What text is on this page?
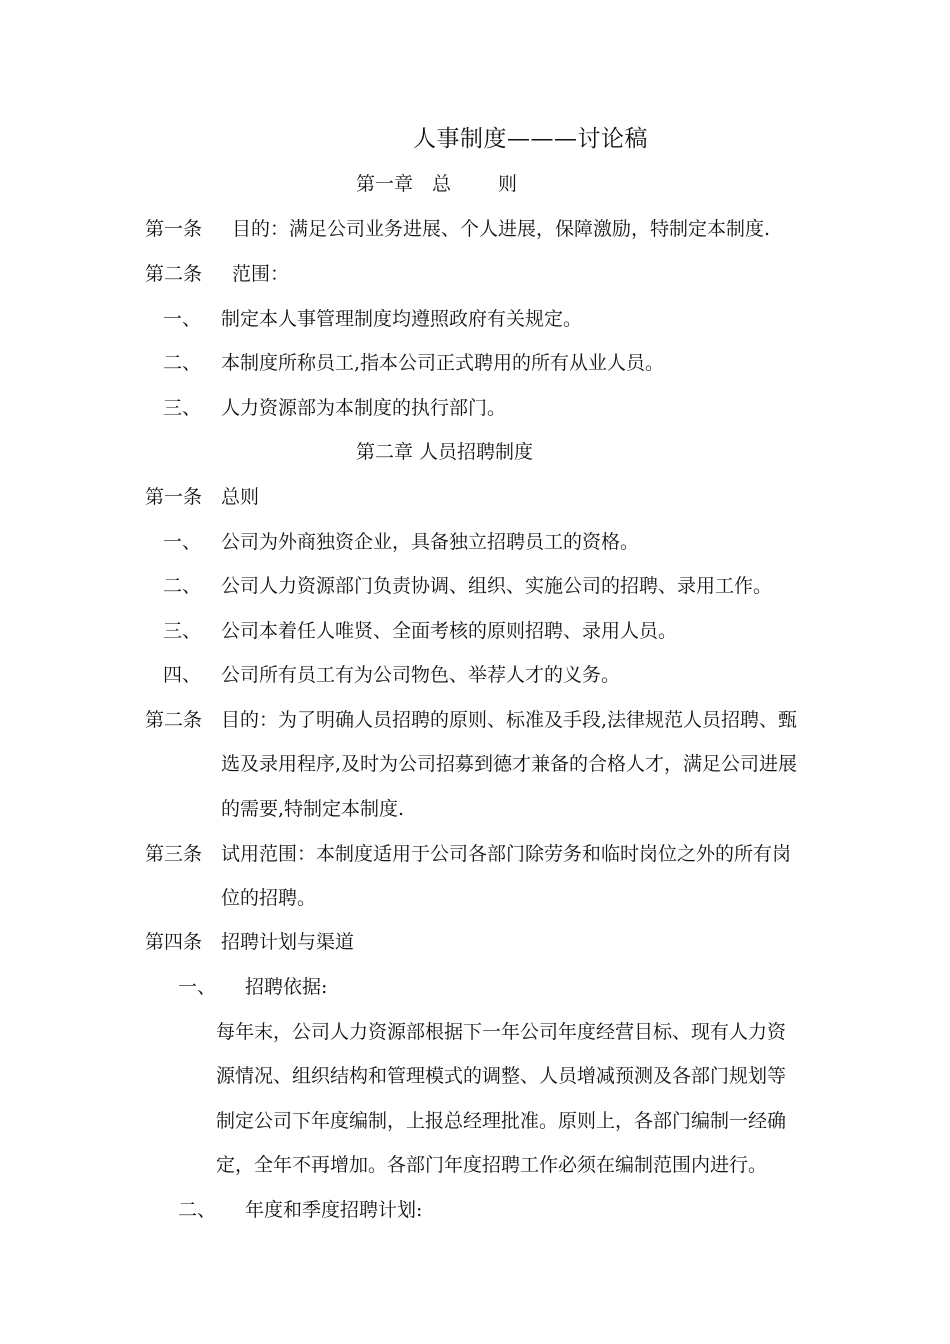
人事制度———讨论稿
第一章 总 则
第一条 目的：满足公司业务进展、个人进展，保障激励，特制定本制度.
第二条 范围：
一、 制定本人事管理制度均遵照政府有关规定。
二、 本制度所称员工,指本公司正式聘用的所有从业人员。
三、 人力资源部为本制度的执行部门。
第二章 人员招聘制度
第一条 总则
一、 公司为外商独资企业，具备独立招聘员工的资格。
二、 公司人力资源部门负责协调、组织、实施公司的招聘、录用工作。
三、 公司本着任人唯贤、全面考核的原则招聘、录用人员。
四、 公司所有员工有为公司物色、举荐人才的义务。
第二条 目的：为了明确人员招聘的原则、标准及手段,法律规范人员招聘、甄
选及录用程序,及时为公司招募到德才兼备的合格人才，满足公司进展
的需要,特制定本制度.
第三条 试用范围：本制度适用于公司各部门除劳务和临时岗位之外的所有岗
位的招聘。
第四条 招聘计划与渠道
一、 招聘依据:
每年末，公司人力资源部根据下一年公司年度经营目标、现有人力资
源情况、组织结构和管理模式的调整、人员增减预测及各部门规划等
制定公司下年度编制，上报总经理批准。原则上，各部门编制一经确
定，全年不再增加。各部门年度招聘工作必须在编制范围内进行。
二、 年度和季度招聘计划:
